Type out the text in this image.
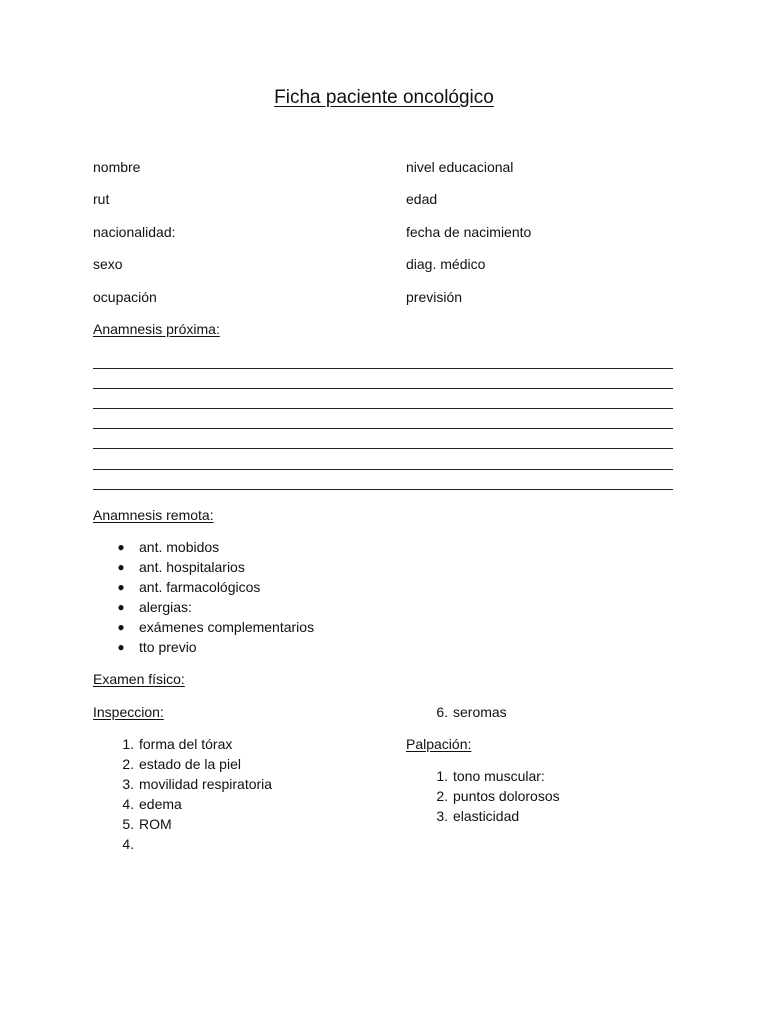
Ficha paciente oncológico
nombre
rut
nacionalidad:
sexo
ocupación
nivel educacional
edad
fecha de nacimiento
diag. médico
previsión
Anamnesis próxima:
Anamnesis remota:
● ant. mobidos
● ant. hospitalarios
● ant. farmacológicos
● alergias:
● exámenes complementarios
● tto previo
Examen físico:
Inspeccion:
1. forma del tórax
2. estado de la piel
3. movilidad respiratoria
4. edema
5. ROM
4.
6. seromas
Palpación:
1. tono muscular:
2. puntos dolorosos
3. elasticidad
